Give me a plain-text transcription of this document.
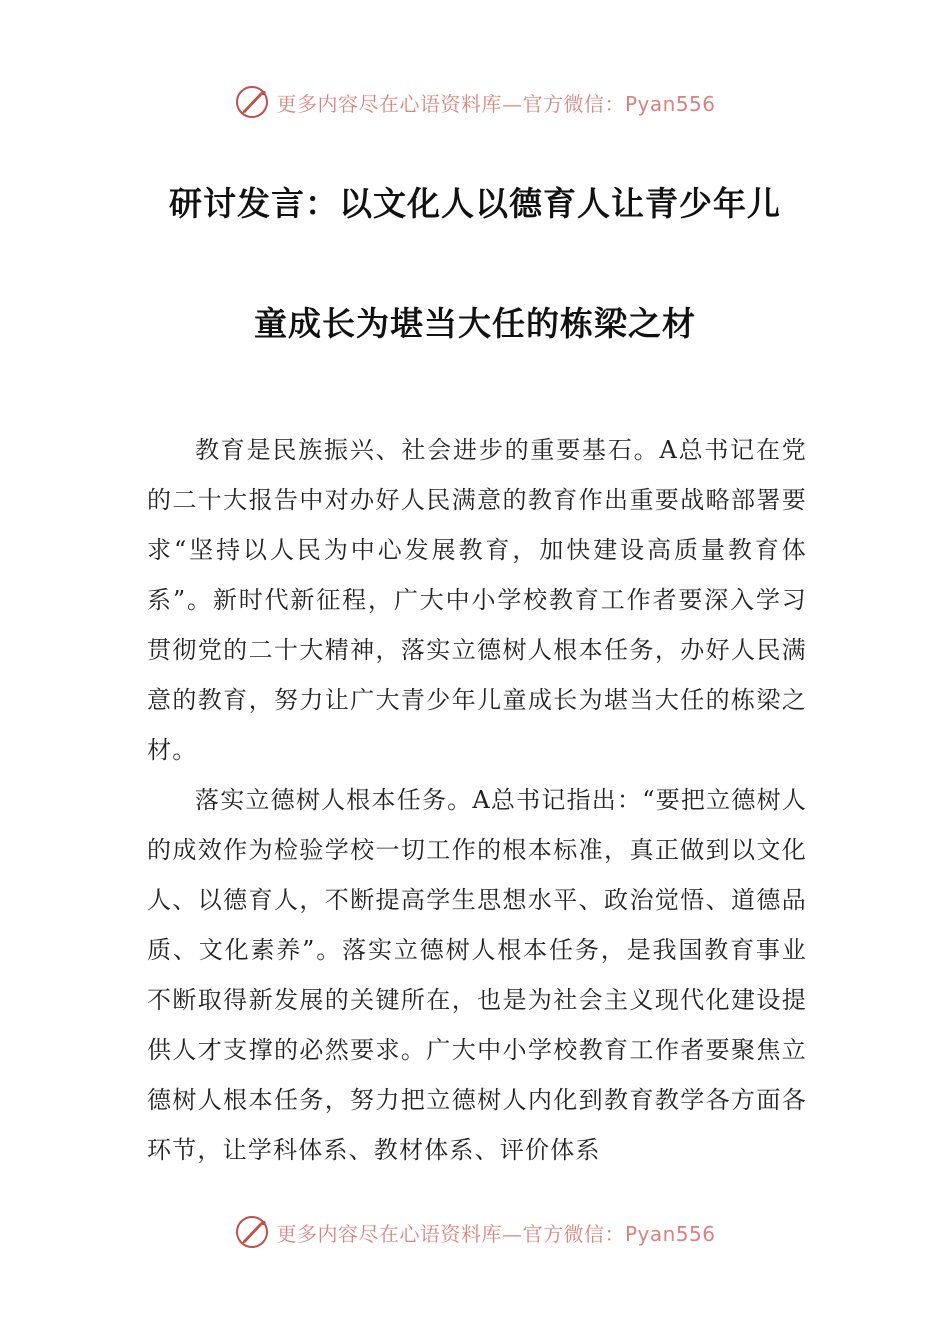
更多内容尽在心语资料库—官方微信：Pyan556
研讨发言：以文化人以德育人让青少年儿
童成长为堪当大任的栋梁之材

教育是民族振兴、社会进步的重要基石。A总书记在党的二十大报告中对办好人民满意的教育作出重要战略部署要求“坚持以人民为中心发展教育，加快建设高质量教育体系”。新时代新征程，广大中小学校教育工作者要深入学习贯彻党的二十大精神，落实立德树人根本任务，办好人民满意的教育，努力让广大青少年儿童成长为堪当大任的栋梁之材。

落实立德树人根本任务。A总书记指出：“要把立德树人的成效作为检验学校一切工作的根本标准，真正做到以文化人、以德育人，不断提高学生思想水平、政治觉悟、道德品质、文化素养”。落实立德树人根本任务，是我国教育事业不断取得新发展的关键所在，也是为社会主义现代化建设提供人才支撑的必然要求。广大中小学校教育工作者要聚焦立德树人根本任务，努力把立德树人内化到教育教学各方面各环节，让学科体系、教材体系、评价体系

更多内容尽在心语资料库—官方微信：Pyan556
